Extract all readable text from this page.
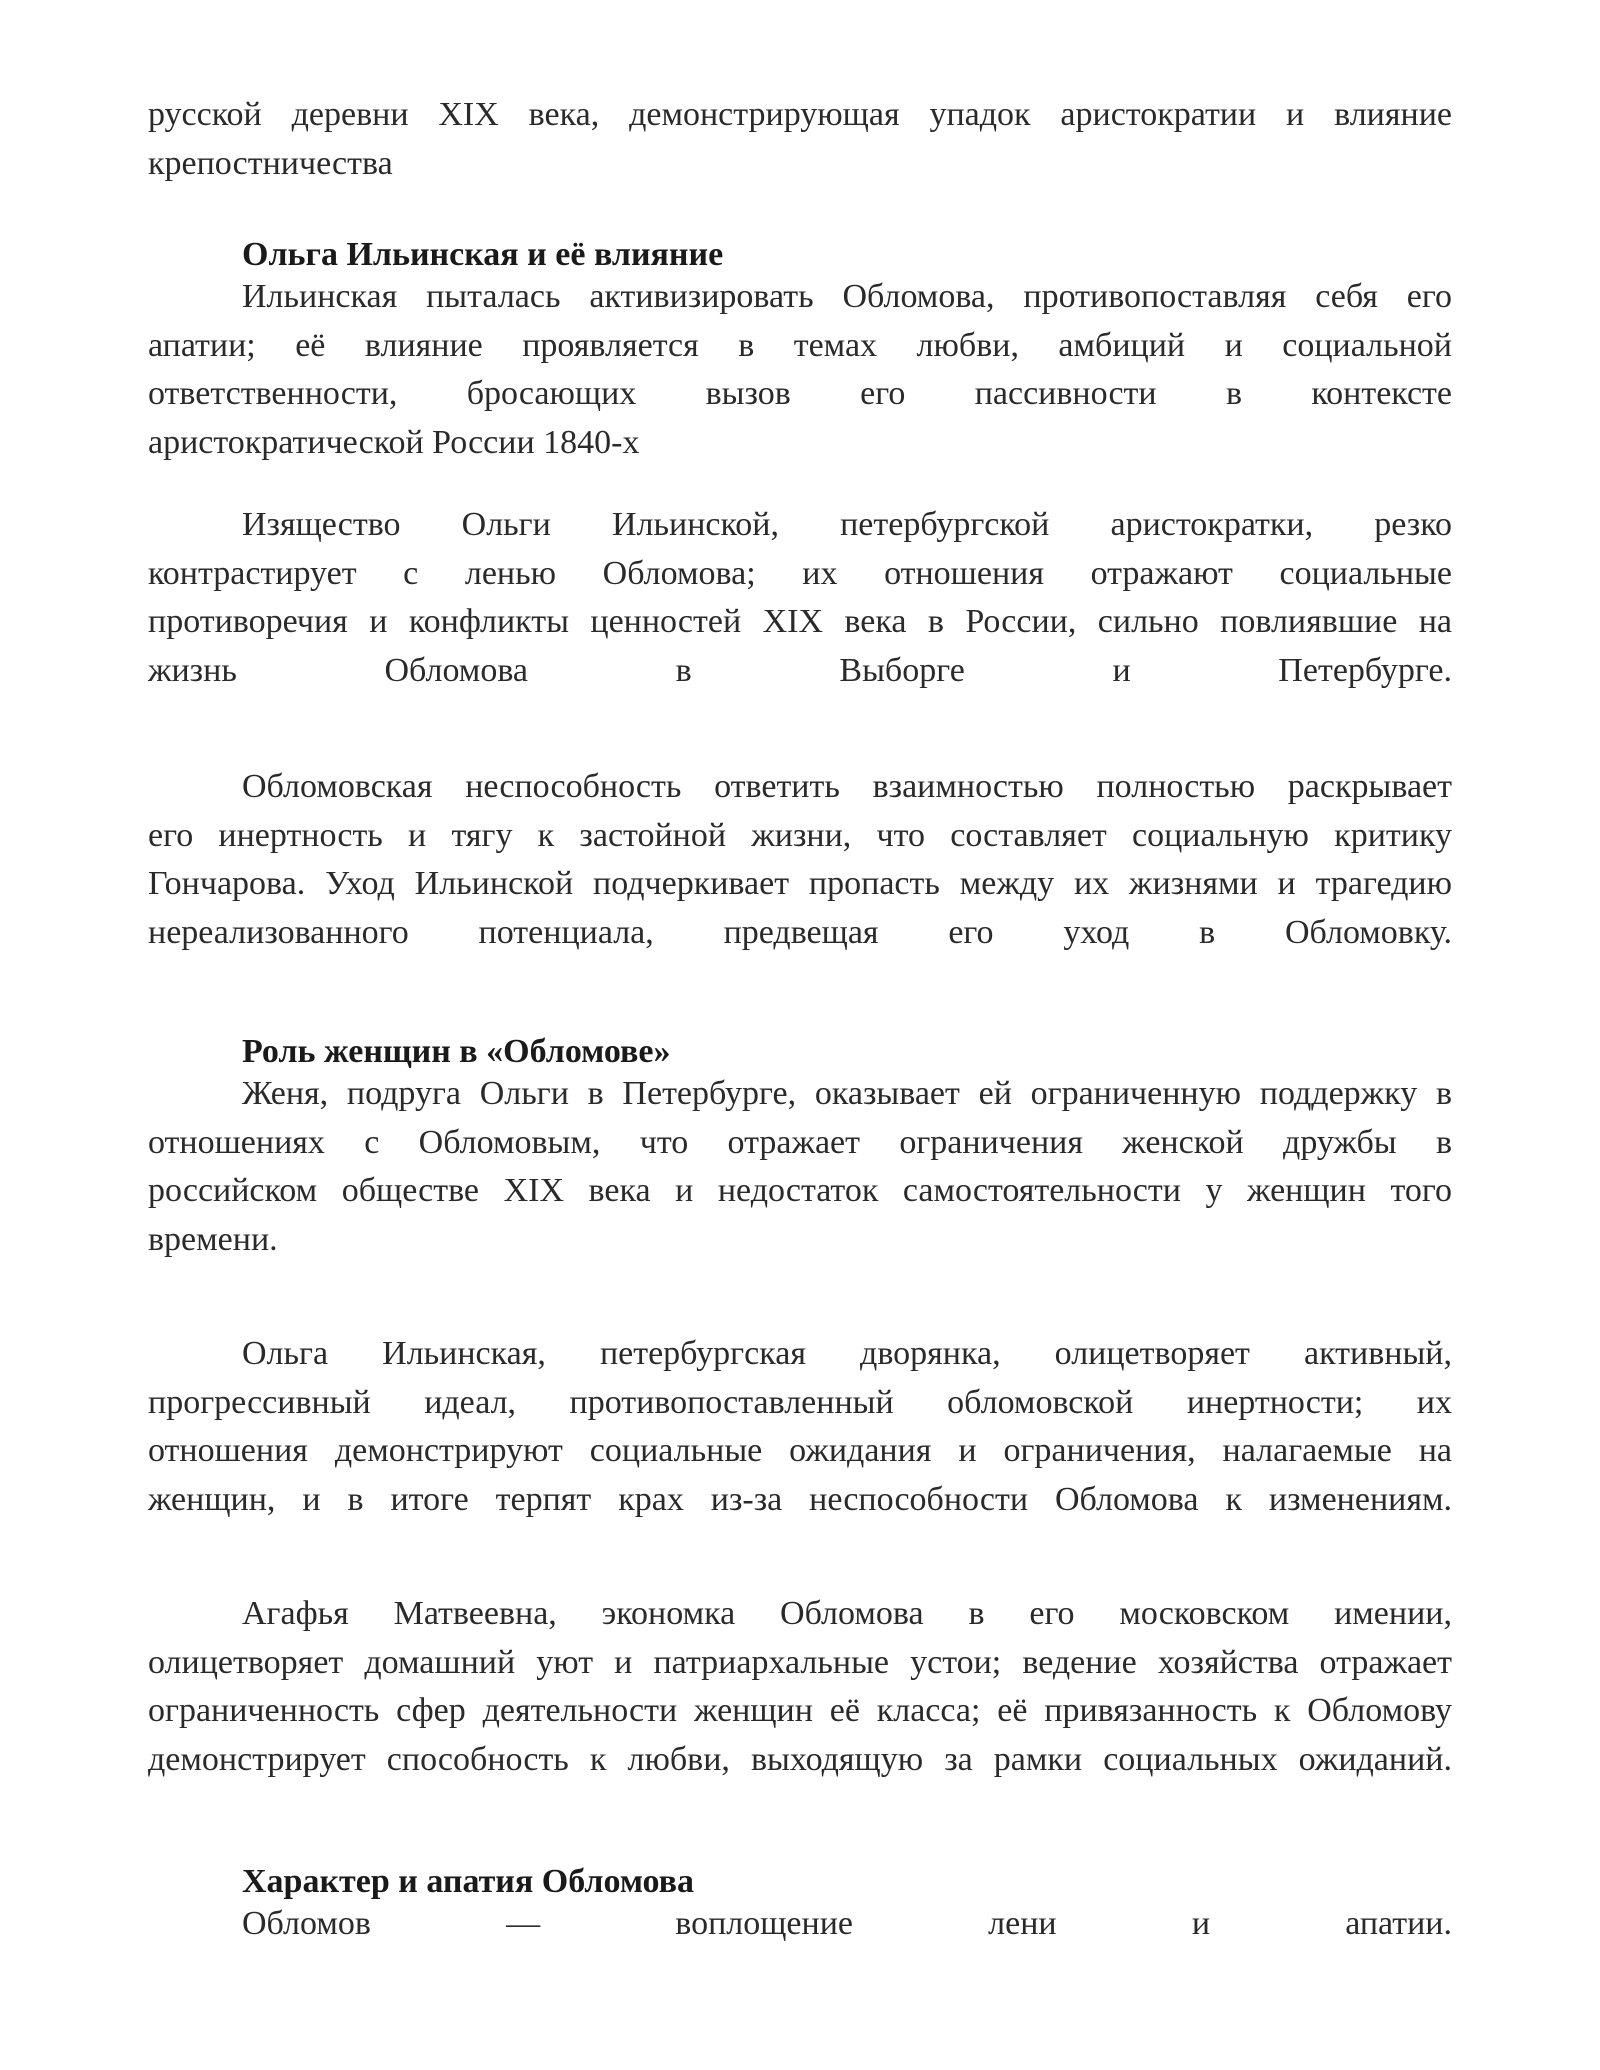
русской деревни XIX века, демонстрирующая упадок аристократии и влияние
крепостничества
Ольга Ильинская и её влияние
Ильинская пыталась активизировать Обломова, противопоставляя себя его
апатии; её влияние проявляется в темах любви, амбиций и социальной
ответственности, бросающих вызов его пассивности в контексте
аристократической России 1840-х
Изящество Ольги Ильинской, петербургской аристократки, резко
контрастирует с ленью Обломова; их отношения отражают социальные
противоречия и конфликты ценностей XIX века в России, сильно повлиявшие на
жизнь Обломова в Выборге и Петербурге.
Обломовская неспособность ответить взаимностью полностью раскрывает
его инертность и тягу к застойной жизни, что составляет социальную критику
Гончарова. Уход Ильинской подчеркивает пропасть между их жизнями и трагедию
нереализованного потенциала, предвещая его уход в Обломовку.
Роль женщин в «Обломове»
Женя, подруга Ольги в Петербурге, оказывает ей ограниченную поддержку в
отношениях с Обломовым, что отражает ограничения женской дружбы в
российском обществе XIX века и недостаток самостоятельности у женщин того
времени.
Ольга Ильинская, петербургская дворянка, олицетворяет активный,
прогрессивный идеал, противопоставленный обломовской инертности; их
отношения демонстрируют социальные ожидания и ограничения, налагаемые на
женщин, и в итоге терпят крах из-за неспособности Обломова к изменениям.
Агафья Матвеевна, экономка Обломова в его московском имении,
олицетворяет домашний уют и патриархальные устои; ведение хозяйства отражает
ограниченность сфер деятельности женщин её класса; её привязанность к Обломову
демонстрирует способность к любви, выходящую за рамки социальных ожиданий.
Характер и апатия Обломова
Обломов — воплощение лени и апатии.
